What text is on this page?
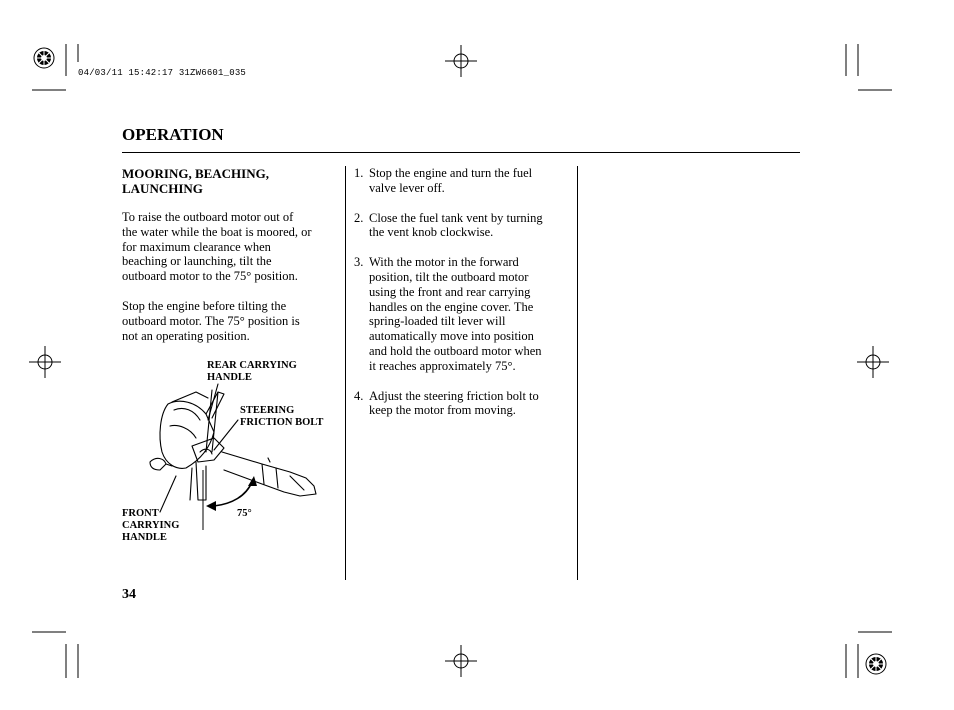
04/03/11 15:42:17 31ZW6601_035
OPERATION
MOORING, BEACHING,
LAUNCHING
To raise the outboard motor out of
the water while the boat is moored, or
for maximum clearance when
beaching or launching, tilt the
outboard motor to the 75° position.
Stop the engine before tilting the
outboard motor. The 75° position is
not an operating position.
REAR CARRYING
HANDLE
STEERING
FRICTION BOLT
FRONT
CARRYING
HANDLE
75°
1. Stop the engine and turn the fuel
valve lever off.
2. Close the fuel tank vent by turning
the vent knob clockwise.
3. With the motor in the forward
position, tilt the outboard motor
using the front and rear carrying
handles on the engine cover. The
spring-loaded tilt lever will
automatically move into position
and hold the outboard motor when
it reaches approximately 75°.
4. Adjust the steering friction bolt to
keep the motor from moving.
34
